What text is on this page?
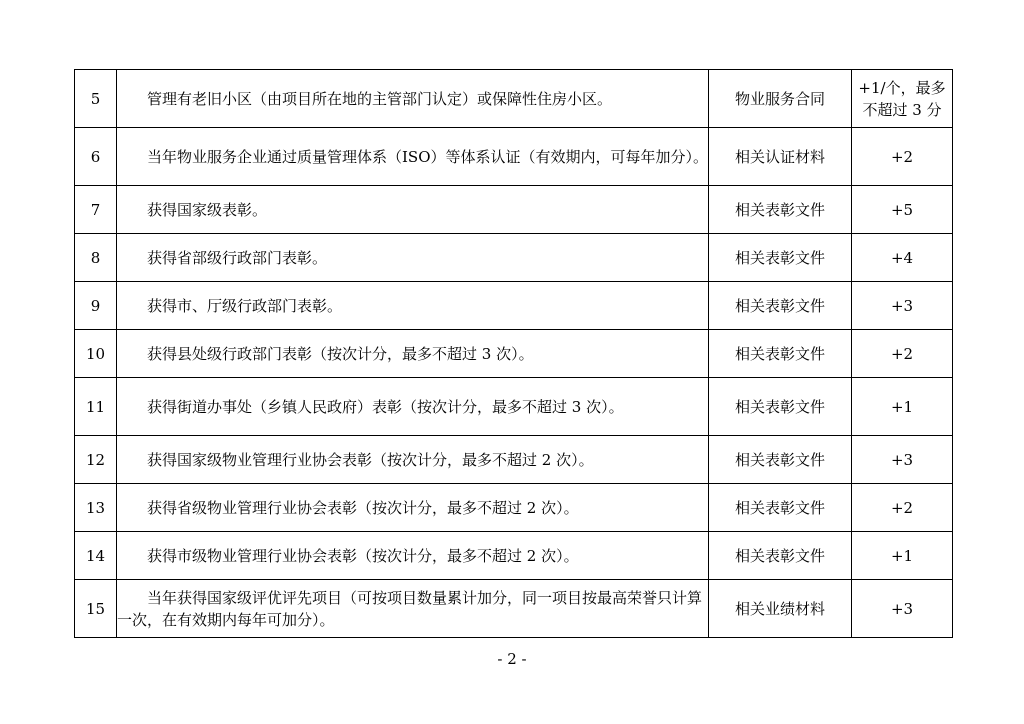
5	管理有老旧小区（由项目所在地的主管部门认定）或保障性住房小区。	物业服务合同	+1/个，最多不超过 3 分
6	当年物业服务企业通过质量管理体系（ISO）等体系认证（有效期内，可每年加分）。	相关认证材料	+2
7	获得国家级表彰。	相关表彰文件	+5
8	获得省部级行政部门表彰。	相关表彰文件	+4
9	获得市、厅级行政部门表彰。	相关表彰文件	+3
10	获得县处级行政部门表彰（按次计分，最多不超过 3 次）。	相关表彰文件	+2
11	获得街道办事处（乡镇人民政府）表彰（按次计分，最多不超过 3 次）。	相关表彰文件	+1
12	获得国家级物业管理行业协会表彰（按次计分，最多不超过 2 次）。	相关表彰文件	+3
13	获得省级物业管理行业协会表彰（按次计分，最多不超过 2 次）。	相关表彰文件	+2
14	获得市级物业管理行业协会表彰（按次计分，最多不超过 2 次）。	相关表彰文件	+1
15	当年获得国家级评优评先项目（可按项目数量累计加分，同一项目按最高荣誉只计算一次，在有效期内每年可加分）。	相关业绩材料	+3
- 2 -
